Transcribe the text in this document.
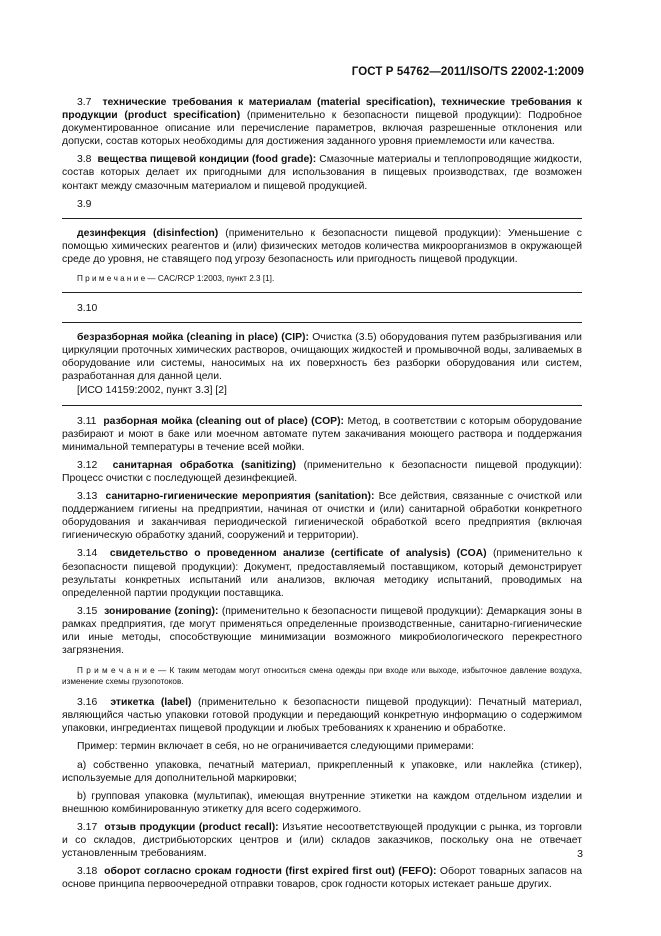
ГОСТ Р 54762—2011/ISO/TS 22002-1:2009

3.7 технические требования к материалам (material specification), технические требования к продукции (product specification) (применительно к безопасности пищевой продукции): Подробное документированное описание или перечисление параметров, включая разрешенные отклонения или допуски, состав которых необходимы для достижения заданного уровня приемлемости или качества.

3.8 вещества пищевой кондиции (food grade): Смазочные материалы и теплопроводящие жидкости, состав которых делает их пригодными для использования в пищевых производствах, где возможен контакт между смазочным материалом и пищевой продукцией.

3.9

дезинфекция (disinfection) (применительно к безопасности пищевой продукции): Уменьшение с помощью химических реагентов и (или) физических методов количества микроорганизмов в окружающей среде до уровня, не ставящего под угрозу безопасность или пригодность пищевой продукции.

П р и м е ч а н и е — CAC/RCP 1:2003, пункт 2.3 [1].

3.10

безразборная мойка (cleaning in place) (CIP): Очистка (3.5) оборудования путем разбрызгивания или циркуляции проточных химических растворов, очищающих жидкостей и промывочной воды, заливаемых в оборудование или системы, наносимых на их поверхность без разборки оборудования или систем, разработанная для данной цели.

[ИСО 14159:2002, пункт 3.3] [2]

3.11 разборная мойка (cleaning out of place) (COP): Метод, в соответствии с которым оборудование разбирают и моют в баке или моечном автомате путем закачивания моющего раствора и поддержания минимальной температуры в течение всей мойки.

3.12 санитарная обработка (sanitizing) (применительно к безопасности пищевой продукции): Процесс очистки с последующей дезинфекцией.

3.13 санитарно-гигиенические мероприятия (sanitation): Все действия, связанные с очисткой или поддержанием гигиены на предприятии, начиная от очистки и (или) санитарной обработки конкретного оборудования и заканчивая периодической гигиенической обработкой всего предприятия (включая гигиеническую обработку зданий, сооружений и территории).

3.14 свидетельство о проведенном анализе (certificate of analysis) (COA) (применительно к безопасности пищевой продукции): Документ, предоставляемый поставщиком, который демонстрирует результаты конкретных испытаний или анализов, включая методику испытаний, проводимых на определенной партии продукции поставщика.

3.15 зонирование (zoning): (применительно к безопасности пищевой продукции): Демаркация зоны в рамках предприятия, где могут применяться определенные производственные, санитарно-гигиенические или иные методы, способствующие минимизации возможного микробиологического перекрестного загрязнения.

П р и м е ч а н и е — К таким методам могут относиться смена одежды при входе или выходе, избыточное давление воздуха, изменение схемы грузопотоков.

3.16 этикетка (label) (применительно к безопасности пищевой продукции): Печатный материал, являющийся частью упаковки готовой продукции и передающий конкретную информацию о содержимом упаковки, ингредиентах пищевой продукции и любых требованиях к хранению и обработке.

Пример: термин включает в себя, но не ограничивается следующими примерами:

а) собственно упаковка, печатный материал, прикрепленный к упаковке, или наклейка (стикер), используемые для дополнительной маркировки;

b) групповая упаковка (мультипак), имеющая внутренние этикетки на каждом отдельном изделии и внешнюю комбинированную этикетку для всего содержимого.

3.17 отзыв продукции (product recall): Изъятие несоответствующей продукции с рынка, из торговли и со складов, дистрибьюторских центров и (или) складов заказчиков, поскольку она не отвечает установленным требованиям.

3.18 оборот согласно срокам годности (first expired first out) (FEFO): Оборот товарных запасов на основе принципа первоочередной отправки товаров, срок годности которых истекает раньше других.

3
